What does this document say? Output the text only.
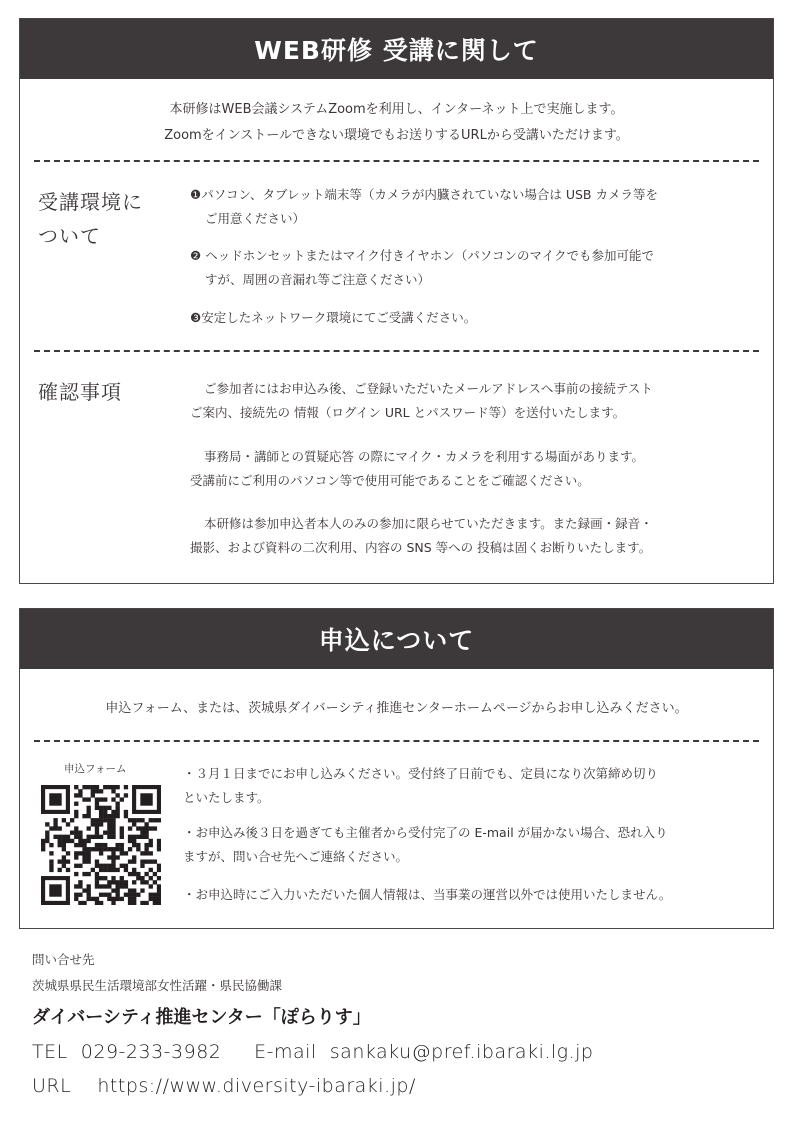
WEB研修 受講に関して
本研修はWEB会議システムZoomを利用し、インターネット上で実施します。
Zoomをインストールできない環境でもお送りするURLから受講いただけます。
受講環境に
ついて
❶パソコン、タブレット端末等（カメラが内臓されていない場合は USB カメラ等を
ご用意ください）
❷ ヘッドホンセットまたはマイク付きイヤホン（パソコンのマイクでも参加可能で
すが、周囲の音漏れ等ご注意ください）
❸安定したネットワーク環境にてご受講ください。
確認事項	ご参加者にはお申込み後、ご登録いただいたメールアドレスへ事前の接続テスト
ご案内、接続先の 情報（ログイン URL とパスワード等）を送付いたします。
事務局・講師との質疑応答 の際にマイク・カメラを利用する場面があります。
受講前にご利用のパソコン等で使用可能であることをご確認ください。
本研修は参加申込者本人のみの参加に限らせていただきます。また録画・録音・
撮影、および資料の二次利用、内容の SNS 等への 投稿は固くお断りいたします。
申込について
申込フォーム、または、茨城県ダイバーシティ推進センターホームページからお申し込みください。
申込フォーム	・３月１日までにお申し込みください。受付終了日前でも、定員になり次第締め切り
といたします。
・お申込み後３日を過ぎても主催者から受付完了の E-mail が届かない場合、恐れ入り
ますが、問い合せ先へご連絡ください。
・お申込時にご入力いただいた個人情報は、当事業の運営以外では使用いたしません。
問い合せ先
茨城県県民生活環境部女性活躍・県民協働課
ダイバーシティ推進センター「ぽらりす」
TEL 029-233-3982 E-mail sankaku@pref.ibaraki.lg.jp
URL https://www.diversity-ibaraki.jp/
